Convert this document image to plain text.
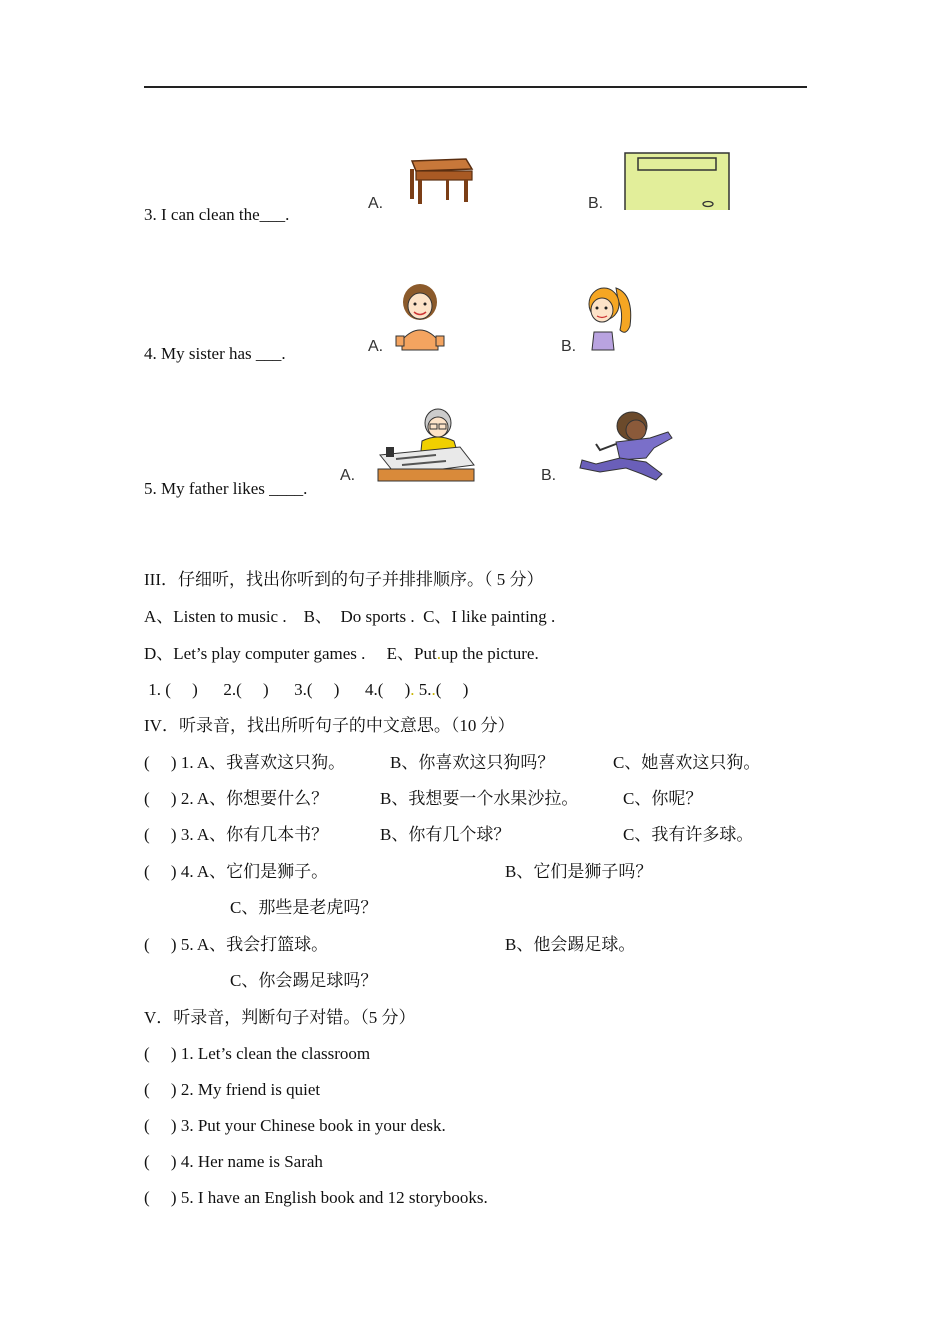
3. I can clean the___.
A.	B.
4. My sister has ___.	A.	B.
5. My father likes ____.
A.	B.
III．仔细听，找出你听到的句子并排排顺序。（ 5 分）
A、Listen to music .    B、  Do sports .  C、I like painting .
D、Let’s play computer games .     E、Put.up the picture.
1. (     )      2.(     )      3.(     )      4.(     ). 5..(     )
IV．听录音，找出所听句子的中文意思。（10 分）
(     ) 1. A、我喜欢这只狗。	B、你喜欢这只狗吗？	C、她喜欢这只狗。
(     ) 2. A、你想要什么？	B、我想要一个水果沙拉。	C、你呢？
(     ) 3. A、你有几本书？	B、你有几个球？	C、我有许多球。
(     ) 4. A、它们是狮子。	B、它们是狮子吗？
C、那些是老虎吗？
(     ) 5. A、我会打篮球。	B、他会踢足球。
C、你会踢足球吗？
V．听录音，判断句子对错。（5 分）
(     ) 1. Let’s clean the classroom
(     ) 2. My friend is quiet
(     ) 3. Put your Chinese book in your desk.
(     ) 4. Her name is Sarah
(     ) 5. I have an English book and 12 storybooks.
